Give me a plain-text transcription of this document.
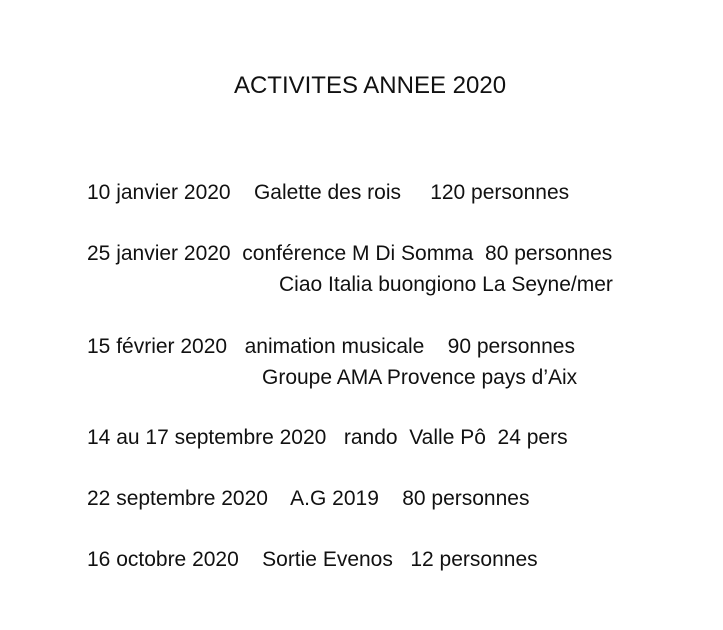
ACTIVITES ANNEE 2020
10 janvier 2020    Galette des rois     120 personnes
25 janvier 2020  conférence M Di Somma  80 personnes
Ciao Italia buongiono La Seyne/mer
15 février 2020   animation musicale    90 personnes
Groupe AMA Provence pays d’Aix
14 au 17 septembre 2020   rando  Valle Pô  24 pers
22 septembre 2020    A.G 2019    80 personnes
16 octobre 2020    Sortie Evenos   12 personnes
